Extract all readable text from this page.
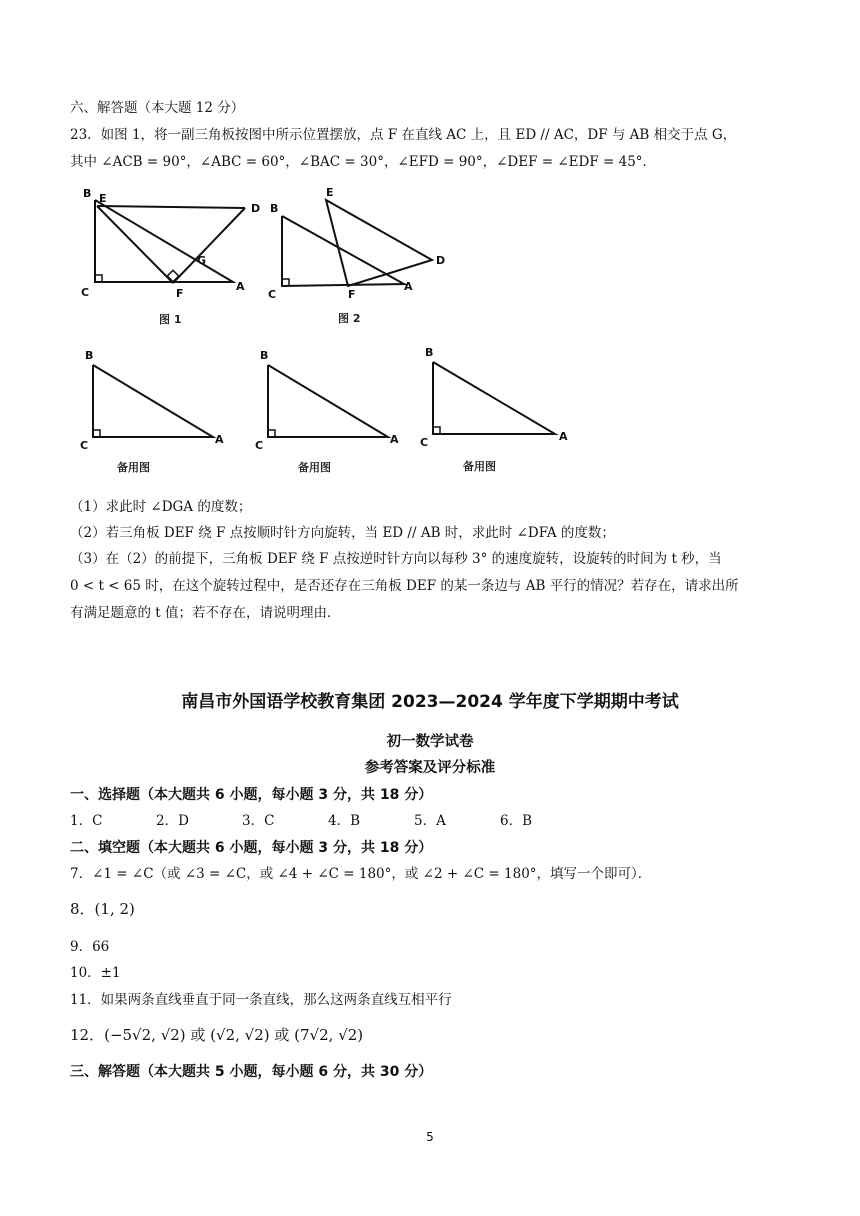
六、解答题（本大题 12 分）
23．如图 1，将一副三角板按图中所示位置摆放，点 F 在直线 AC 上，且 ED // AC，DF 与 AB 相交于点 G，
其中 ∠ACB = 90°，∠ABC = 60°，∠BAC = 30°，∠EFD = 90°，∠DEF = ∠EDF = 45°．
B E
D
G
C	F
A
图 1
B
E
D
C	F
A
图 2
B
C	A
备用图
B
C	A
备用图
B
C	A
备用图
（1）求此时 ∠DGA 的度数；
（2）若三角板 DEF 绕 F 点按顺时针方向旋转，当 ED // AB 时，求此时 ∠DFA 的度数；
（3）在（2）的前提下，三角板 DEF 绕 F 点按逆时针方向以每秒 3° 的速度旋转，设旋转的时间为 t 秒，当
0 < t < 65 时，在这个旋转过程中，是否还存在三角板 DEF 的某一条边与 AB 平行的情况？若存在，请求出所
有满足题意的 t 值；若不存在，请说明理由．
南昌市外国语学校教育集团 2023—2024 学年度下学期期中考试
初一数学试卷
参考答案及评分标准
一、选择题（本大题共 6 小题，每小题 3 分，共 18 分）
1．C	2．D	3．C	4．B	5．A	6．B
二、填空题（本大题共 6 小题，每小题 3 分，共 18 分）
7．∠1 = ∠C（或 ∠3 = ∠C，或 ∠4 + ∠C = 180°，或 ∠2 + ∠C = 180°，填写一个即可）．
8．(1, 2)
9．66
10．±1
11．如果两条直线垂直于同一条直线，那么这两条直线互相平行
12．(−5√2, √2) 或 (√2, √2) 或 (7√2, √2)
三、解答题（本大题共 5 小题，每小题 6 分，共 30 分）
5
